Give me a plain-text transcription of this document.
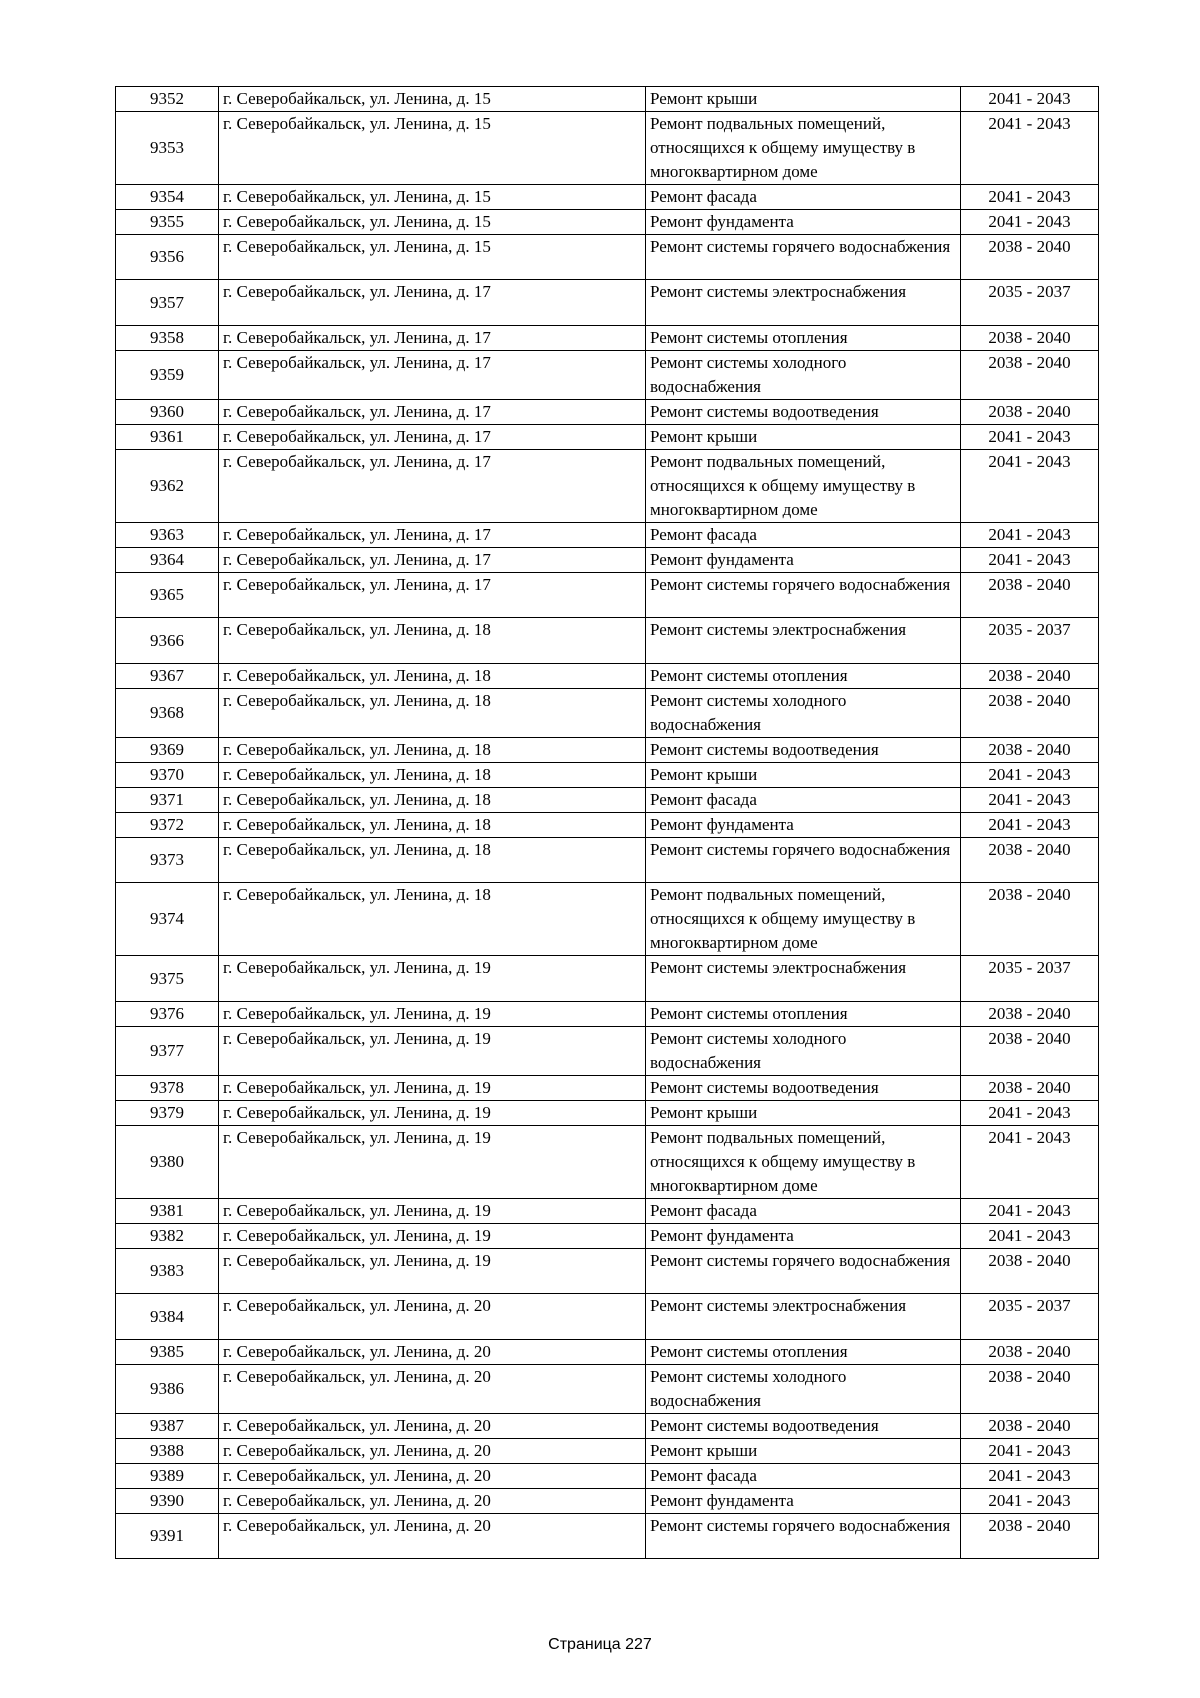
9352	г. Северобайкальск, ул. Ленина, д. 15	Ремонт крыши	2041 - 2043
9353	г. Северобайкальск, ул. Ленина, д. 15	Ремонт подвальных помещений, относящихся к общему имуществу в многоквартирном доме	2041 - 2043
9354	г. Северобайкальск, ул. Ленина, д. 15	Ремонт фасада	2041 - 2043
9355	г. Северобайкальск, ул. Ленина, д. 15	Ремонт фундамента	2041 - 2043
9356	г. Северобайкальск, ул. Ленина, д. 15	Ремонт системы горячего водоснабжения	2038 - 2040
9357	г. Северобайкальск, ул. Ленина, д. 17	Ремонт системы электроснабжения	2035 - 2037
9358	г. Северобайкальск, ул. Ленина, д. 17	Ремонт системы отопления	2038 - 2040
9359	г. Северобайкальск, ул. Ленина, д. 17	Ремонт системы холодного водоснабжения	2038 - 2040
9360	г. Северобайкальск, ул. Ленина, д. 17	Ремонт системы водоотведения	2038 - 2040
9361	г. Северобайкальск, ул. Ленина, д. 17	Ремонт крыши	2041 - 2043
9362	г. Северобайкальск, ул. Ленина, д. 17	Ремонт подвальных помещений, относящихся к общему имуществу в многоквартирном доме	2041 - 2043
9363	г. Северобайкальск, ул. Ленина, д. 17	Ремонт фасада	2041 - 2043
9364	г. Северобайкальск, ул. Ленина, д. 17	Ремонт фундамента	2041 - 2043
9365	г. Северобайкальск, ул. Ленина, д. 17	Ремонт системы горячего водоснабжения	2038 - 2040
9366	г. Северобайкальск, ул. Ленина, д. 18	Ремонт системы электроснабжения	2035 - 2037
9367	г. Северобайкальск, ул. Ленина, д. 18	Ремонт системы отопления	2038 - 2040
9368	г. Северобайкальск, ул. Ленина, д. 18	Ремонт системы холодного водоснабжения	2038 - 2040
9369	г. Северобайкальск, ул. Ленина, д. 18	Ремонт системы водоотведения	2038 - 2040
9370	г. Северобайкальск, ул. Ленина, д. 18	Ремонт крыши	2041 - 2043
9371	г. Северобайкальск, ул. Ленина, д. 18	Ремонт фасада	2041 - 2043
9372	г. Северобайкальск, ул. Ленина, д. 18	Ремонт фундамента	2041 - 2043
9373	г. Северобайкальск, ул. Ленина, д. 18	Ремонт системы горячего водоснабжения	2038 - 2040
9374	г. Северобайкальск, ул. Ленина, д. 18	Ремонт подвальных помещений, относящихся к общему имуществу в многоквартирном доме	2038 - 2040
9375	г. Северобайкальск, ул. Ленина, д. 19	Ремонт системы электроснабжения	2035 - 2037
9376	г. Северобайкальск, ул. Ленина, д. 19	Ремонт системы отопления	2038 - 2040
9377	г. Северобайкальск, ул. Ленина, д. 19	Ремонт системы холодного водоснабжения	2038 - 2040
9378	г. Северобайкальск, ул. Ленина, д. 19	Ремонт системы водоотведения	2038 - 2040
9379	г. Северобайкальск, ул. Ленина, д. 19	Ремонт крыши	2041 - 2043
9380	г. Северобайкальск, ул. Ленина, д. 19	Ремонт подвальных помещений, относящихся к общему имуществу в многоквартирном доме	2041 - 2043
9381	г. Северобайкальск, ул. Ленина, д. 19	Ремонт фасада	2041 - 2043
9382	г. Северобайкальск, ул. Ленина, д. 19	Ремонт фундамента	2041 - 2043
9383	г. Северобайкальск, ул. Ленина, д. 19	Ремонт системы горячего водоснабжения	2038 - 2040
9384	г. Северобайкальск, ул. Ленина, д. 20	Ремонт системы электроснабжения	2035 - 2037
9385	г. Северобайкальск, ул. Ленина, д. 20	Ремонт системы отопления	2038 - 2040
9386	г. Северобайкальск, ул. Ленина, д. 20	Ремонт системы холодного водоснабжения	2038 - 2040
9387	г. Северобайкальск, ул. Ленина, д. 20	Ремонт системы водоотведения	2038 - 2040
9388	г. Северобайкальск, ул. Ленина, д. 20	Ремонт крыши	2041 - 2043
9389	г. Северобайкальск, ул. Ленина, д. 20	Ремонт фасада	2041 - 2043
9390	г. Северобайкальск, ул. Ленина, д. 20	Ремонт фундамента	2041 - 2043
9391	г. Северобайкальск, ул. Ленина, д. 20	Ремонт системы горячего водоснабжения	2038 - 2040
Страница 227
